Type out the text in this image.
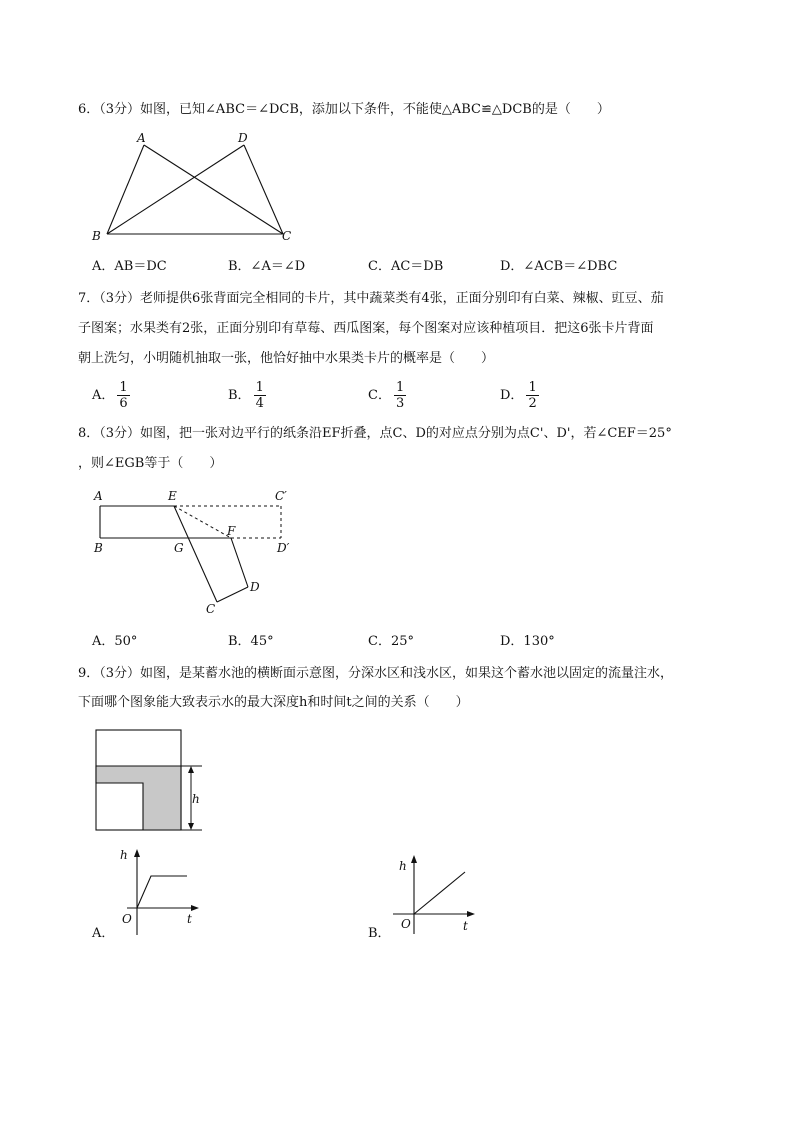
6．（3分）如图，已知∠ABC＝∠DCB，添加以下条件，不能使△ABC≌△DCB的是（　　）
A	D
B	C
A．AB＝DC	B．∠A＝∠D	C．AC＝DB	D．∠ACB＝∠DBC
7．（3分）老师提供6张背面完全相同的卡片，其中蔬菜类有4张，正面分别印有白菜、辣椒、豇豆、茄
子图案；水果类有2张，正面分别印有草莓、西瓜图案，每个图案对应该种植项目．把这6张卡片背面
朝上洗匀，小明随机抽取一张，他恰好抽中水果类卡片的概率是（　　）
A． $\frac{1}{6}$	B． $\frac{1}{4}$	C． $\frac{1}{3}$	D． $\frac{1}{2}$
8．（3分）如图，把一张对边平行的纸条沿EF折叠，点C、D的对应点分别为点C'、D'，若∠CEF＝25°
，则∠EGB等于（　　）
A	E	C′
B	G
F
D′
D
C
A．50°	B．45°	C．25°	D．130°
9．（3分）如图，是某蓄水池的横断面示意图，分深水区和浅水区，如果这个蓄水池以固定的流量注水，
下面哪个图象能大致表示水的最大深度h和时间t之间的关系（　　）
h
h
t
O
A．
h
t
O
B．
